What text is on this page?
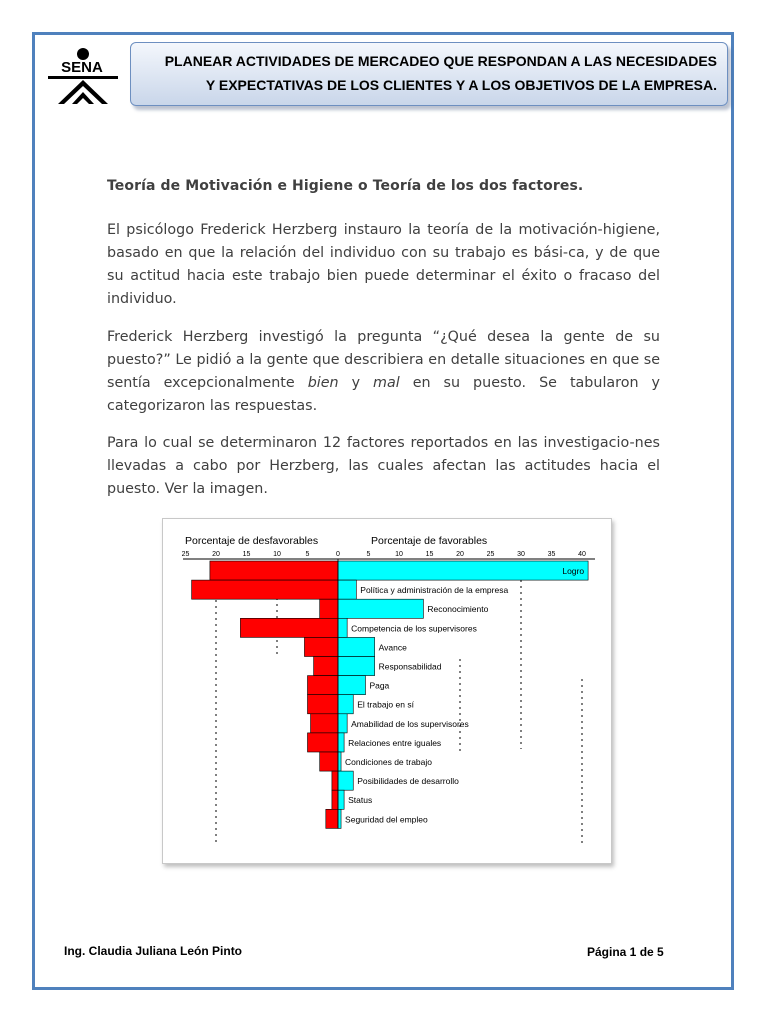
SENA	PLANEAR ACTIVIDADES DE MERCADEO QUE RESPONDAN A LAS NECESIDADES
Y EXPECTATIVAS DE LOS CLIENTES Y A LOS OBJETIVOS DE LA EMPRESA.
Teoría de Motivación e Higiene o Teoría de los dos factores.

El psicólogo Frederick Herzberg instauro la teoría de la motivación-higiene, basado en que la relación del individuo con su trabajo es bási-ca, y de que su actitud hacia este trabajo bien puede determinar el éxito o fracaso del individuo.

Frederick Herzberg investigó la pregunta “¿Qué desea la gente de su puesto?” Le pidió a la gente que describiera en detalle situaciones en que se sentía excepcionalmente bien y mal en su puesto. Se tabularon y categorizaron las respuestas.

Para lo cual se determinaron 12 factores reportados en las investigacio-nes llevadas a cabo por Herzberg, las cuales afectan las actitudes hacia el puesto. Ver la imagen.

Porcentaje de desfavorables	Porcentaje de favorables
25	20	15	10	5	0	5	10	15	20	25	30	35	40
Logro
Política y administración de la empresa
Reconocimiento
Competencia de los supervisores
Avance
Responsabilidad
Paga
El trabajo en sí
Amabilidad de los supervisores
Relaciones entre iguales
Condiciones de trabajo
Posibilidades de desarrollo
Status
Seguridad del empleo
Ing. Claudia Juliana León Pinto	Página 1 de 5
